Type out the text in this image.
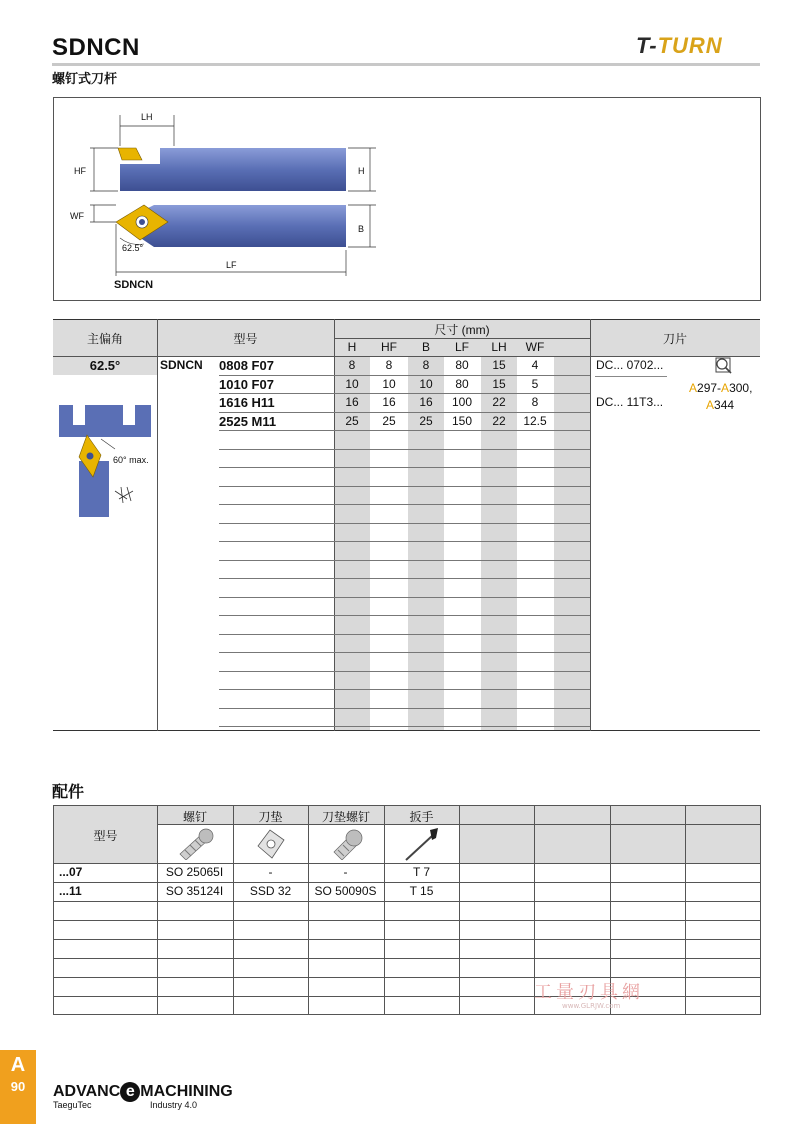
SDNCN	T-TURN
螺钉式刀杆
LH
HF	H
WF
B
LF
62.5°
SDNCN
主偏角	型号
尺寸 (mm)
刀片
H	HF	B	LF	LH	WF
62.5°
60° max.
SDNCN 0808 F07	8	8	8	80	15	4
1010 F07	10	10	10	80	15	5
1616 H11	16	16	16	100	22	8
2525 M11	25	25	25	150	22	12.5
DC... 0702...
DC... 11T3...
A297-A300,
A344
配件
型号
螺钉	刀垫	刀垫螺钉	扳手
...07	SO 25065I	-	-	T 7
...11	SO 35124I	SSD 32	SO 50090S	T 15
工量刃具網
www.GLRJW.com
A
90	ADVANC e MACHINING
TaeguTec	Industry 4.0
